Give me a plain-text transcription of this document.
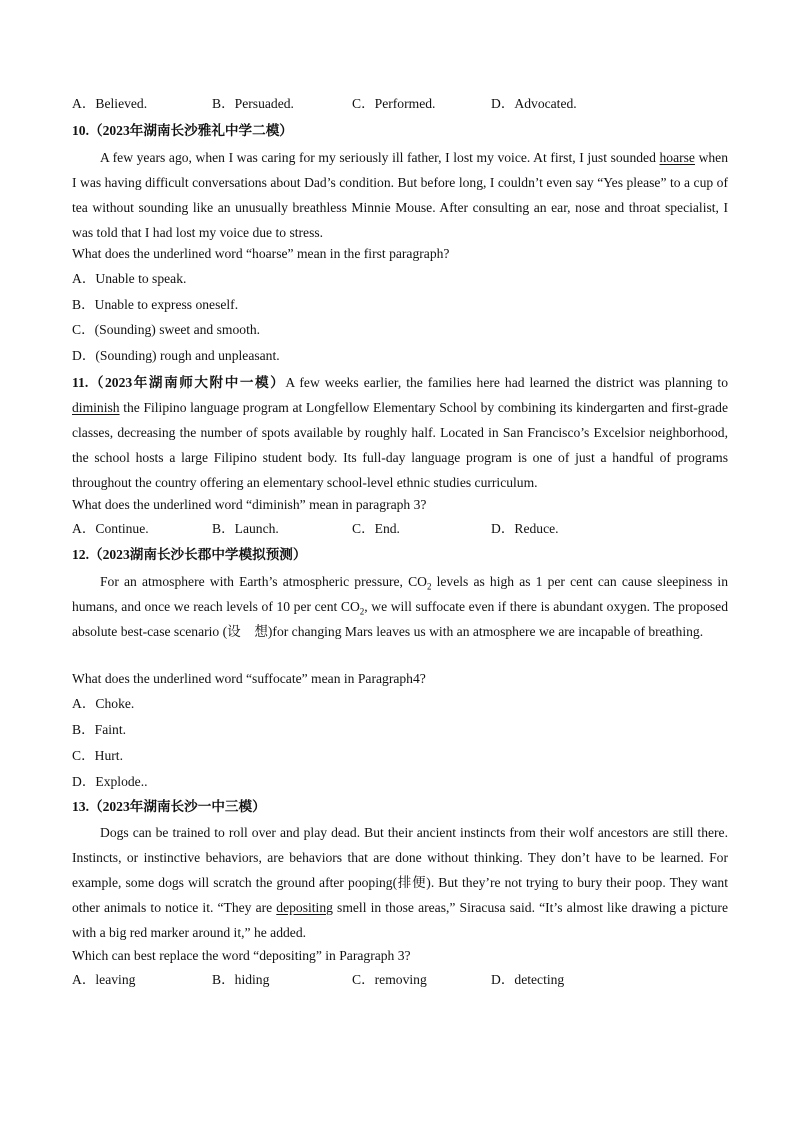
A．Believed.	B．Persuaded.	C．Performed.	D．Advocated.
10.（2023年湖南长沙雅礼中学二模）
A few years ago, when I was caring for my seriously ill father, I lost my voice. At first, I just sounded hoarse when I was having difficult conversations about Dad’s condition. But before long, I couldn’t even say “Yes please” to a cup of tea without sounding like an unusually breathless Minnie Mouse. After consulting an ear, nose and throat specialist, I was told that I had lost my voice due to stress.
What does the underlined word “hoarse” mean in the first paragraph?
A．Unable to speak.
B．Unable to express oneself.
C．(Sounding) sweet and smooth.
D．(Sounding) rough and unpleasant.
11.（2023年湖南师大附中一模）A few weeks earlier, the families here had learned the district was planning to diminish the Filipino language program at Longfellow Elementary School by combining its kindergarten and first-grade classes, decreasing the number of spots available by roughly half. Located in San Francisco’s Excelsior neighborhood, the school hosts a large Filipino student body. Its full-day language program is one of just a handful of programs throughout the country offering an elementary school-level ethnic studies curriculum.
What does the underlined word “diminish” mean in paragraph 3?
A．Continue.	B．Launch.	C．End.	D．Reduce.
12.（2023湖南长沙长郡中学模拟预测）
For an atmosphere with Earth’s atmospheric pressure, $CO_2$ levels as high as 1 per cent can cause sleepiness in humans, and once we reach levels of 10 per cent $CO_2$, we will suffocate even if there is abundant oxygen. The proposed absolute best-case scenario (设　想)for changing Mars leaves us with an atmosphere we are incapable of breathing.
What does the underlined word “suffocate” mean in Paragraph4?
A．Choke.
B．Faint.
C．Hurt.
D．Explode..
13.（2023年湖南长沙一中三模）
Dogs can be trained to roll over and play dead. But their ancient instincts from their wolf ancestors are still there. Instincts, or instinctive behaviors, are behaviors that are done without thinking. They don’t have to be learned. For example, some dogs will scratch the ground after pooping(排便). But they’re not trying to bury their poop. They want other animals to notice it. “They are depositing smell in those areas,” Siracusa said. “It’s almost like drawing a picture with a big red marker around it,” he added.
Which can best replace the word “depositing” in Paragraph 3?
A．leaving	B．hiding	C．removing	D．detecting
